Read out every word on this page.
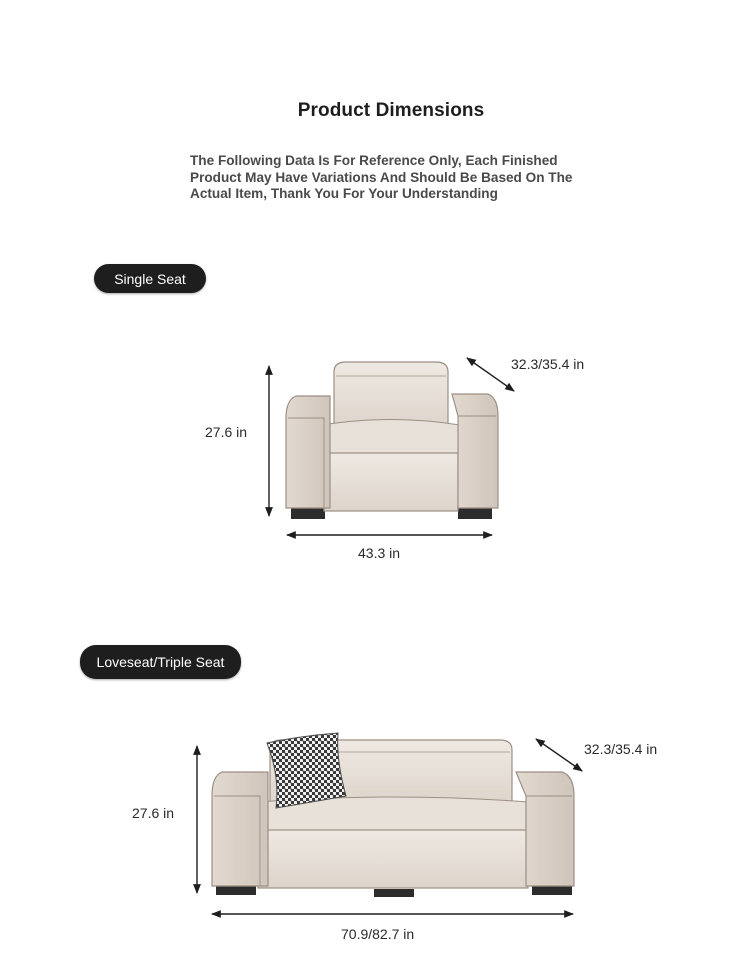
Product Dimensions
The Following Data Is For Reference Only, Each Finished Product May Have Variations And Should Be Based On The Actual Item, Thank You For Your Understanding
Single Seat
27.6 in
32.3/35.4 in
43.3 in
Loveseat/Triple Seat
27.6 in
32.3/35.4 in
70.9/82.7 in
